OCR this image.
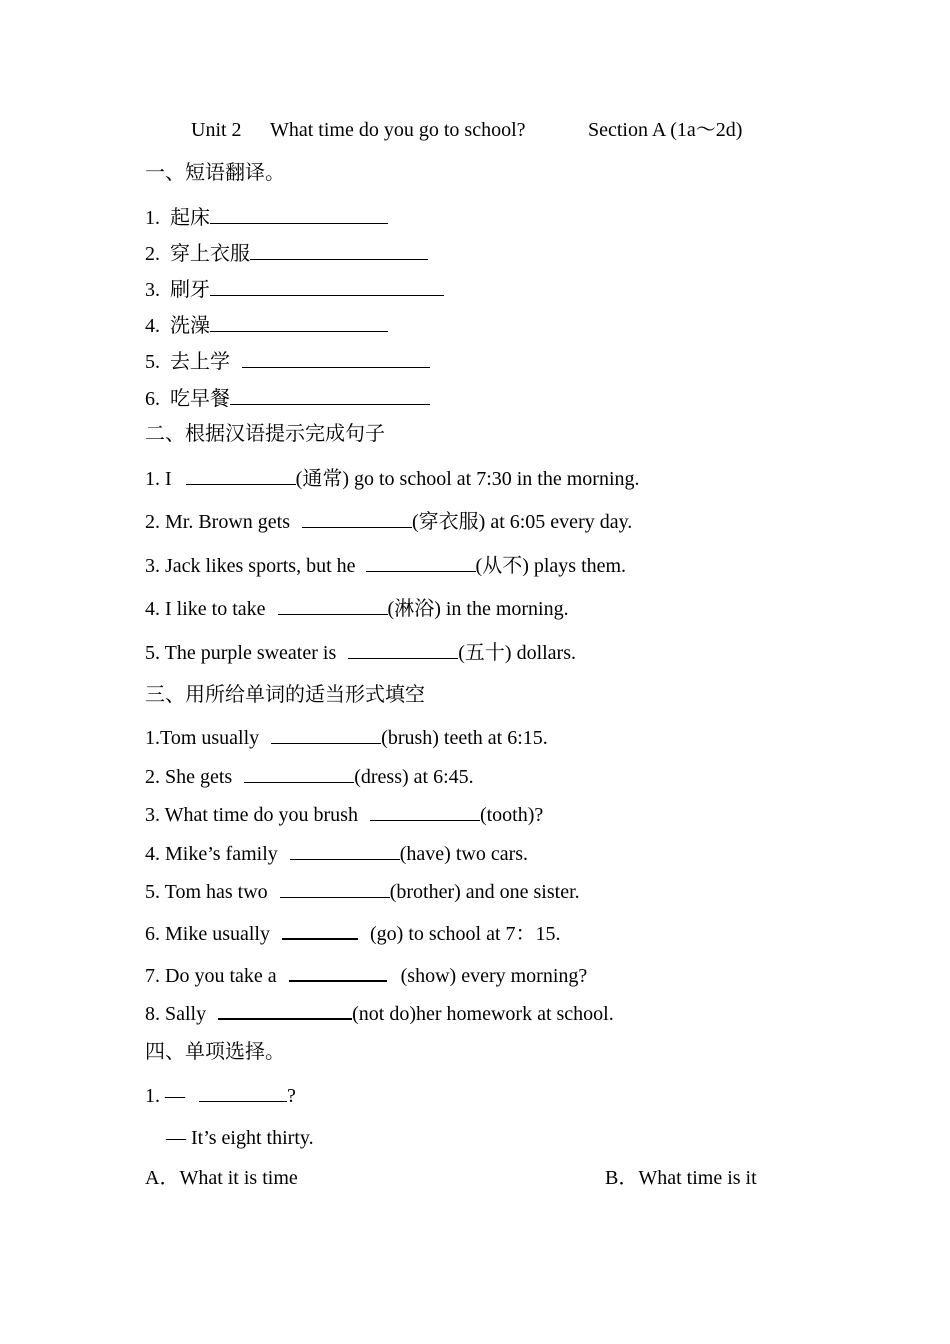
Unit 2 What time do you go to school?	Section A (1a～2d)
一、短语翻译。
1.  起床
2.  穿上衣服
3.  刷牙
4.  洗澡
5.  去上学
6.  吃早餐
二、根据汉语提示完成句子
1. I	(通常) go to school at 7:30 in the morning.
2. Mr. Brown gets	(穿衣服) at 6:05 every day.
3. Jack likes sports, but he	(从不) plays them.
4. I like to take	(淋浴) in the morning.
5. The purple sweater is	(五十) dollars.
三、用所给单词的适当形式填空
1.Tom usually	(brush) teeth at 6:15.
2. She gets	(dress) at 6:45.
3. What time do you brush	(tooth)?
4. Mike’s family	(have) two cars.
5. Tom has two	(brother) and one sister.
6. Mike usually	(go) to school at 7：15.
7. Do you take a	(show) every morning?
8. Sally	(not do)her homework at school.
四、单项选择。
1. —	?
— It’s eight thirty.
A．What it is time	B．What time is it
